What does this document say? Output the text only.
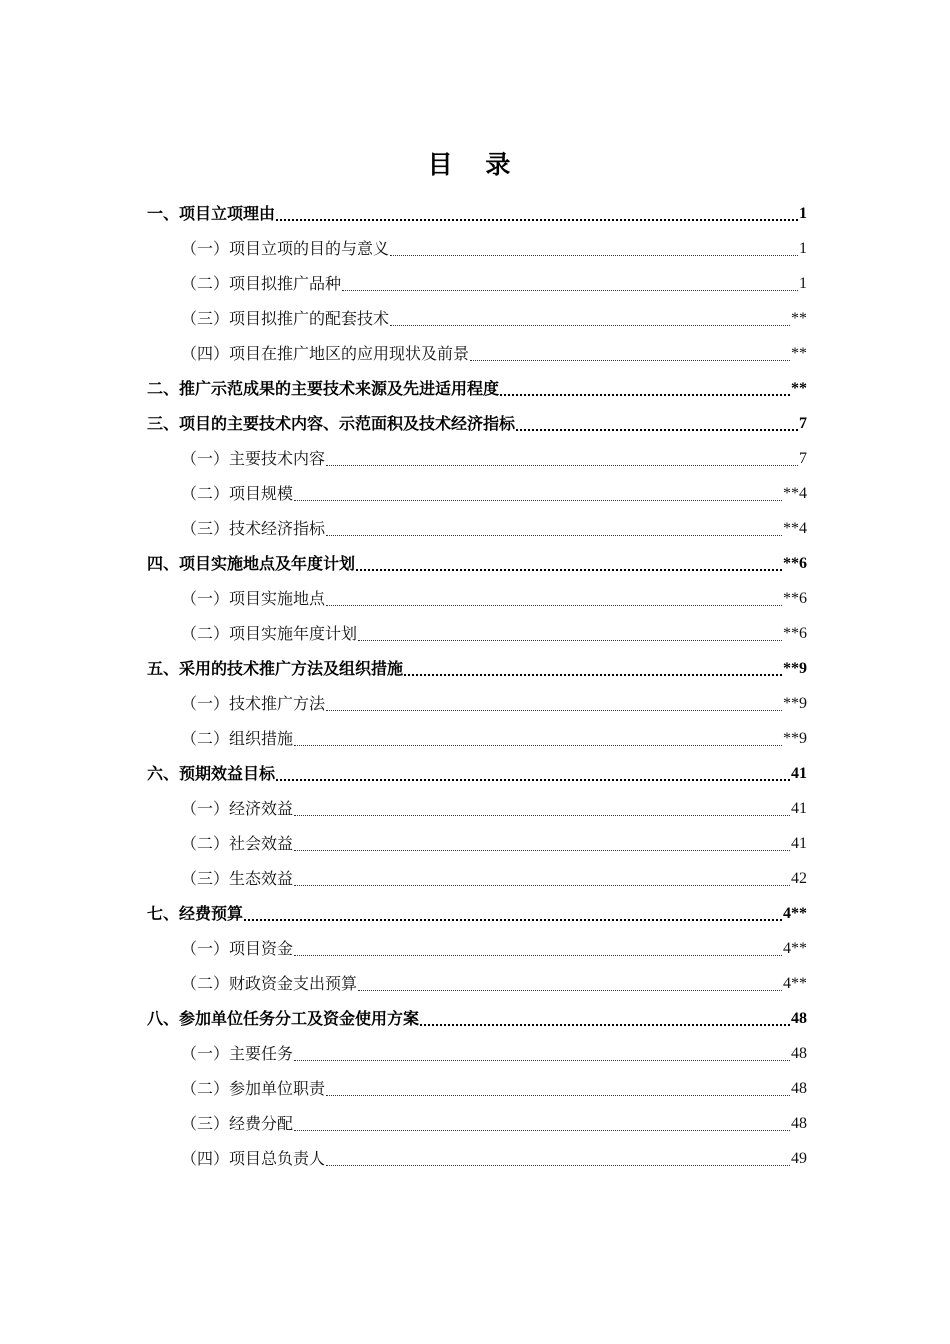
目 录
一、项目立项理由	1
（一）项目立项的目的与意义	1
（二）项目拟推广品种	1
（三）项目拟推广的配套技术	**
（四）项目在推广地区的应用现状及前景	**
二、推广示范成果的主要技术来源及先进适用程度	**
三、项目的主要技术内容、示范面积及技术经济指标	7
（一）主要技术内容	7
（二）项目规模	**4
（三）技术经济指标	**4
四、项目实施地点及年度计划	**6
（一）项目实施地点	**6
（二）项目实施年度计划	**6
五、采用的技术推广方法及组织措施	**9
（一）技术推广方法	**9
（二）组织措施	**9
六、预期效益目标	41
（一）经济效益	41
（二）社会效益	41
（三）生态效益	42
七、经费预算	4**
（一）项目资金	4**
（二）财政资金支出预算	4**
八、参加单位任务分工及资金使用方案	48
（一）主要任务	48
（二）参加单位职责	48
（三）经费分配	48
（四）项目总负责人	49
